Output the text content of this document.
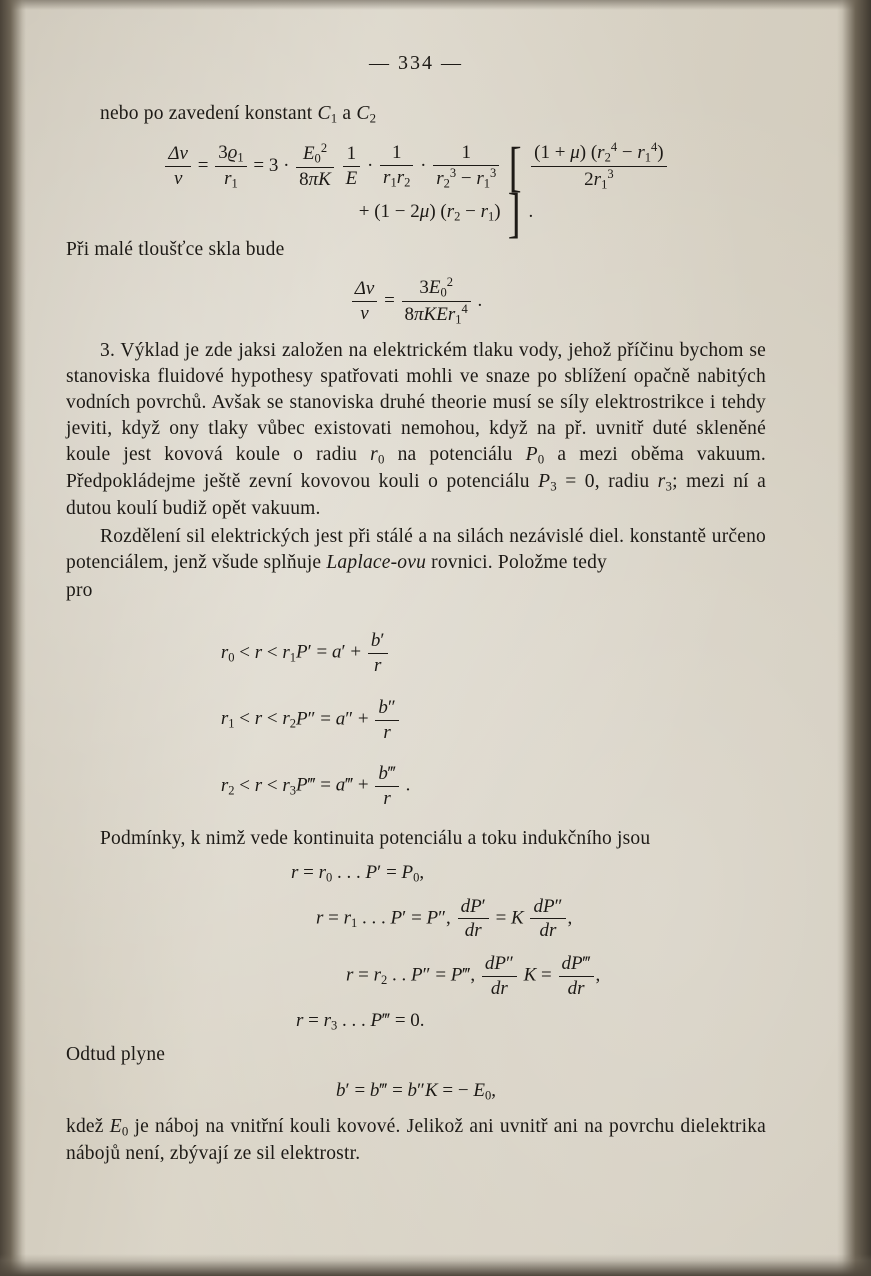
— 334 —

nebo po zavedení konstant $C_1$ a $C_2$

$\frac{\Delta v}{v} = \frac{3ϱ_1}{r_1} = 3 \cdot \frac{E_0^2}{8\pi K}$
$\frac{1}{E} \cdot \frac{1}{r_1r_2} \cdot \frac{1}{r_2^3 - r_1^3}$ [ $\frac{(1 + \mu) (r_2^4 - r_1^4)}{2r_1^3}$
+ (1 − 2μ) $(r_2 - r_1)$ ] .

Při malé tloušťce skla bude

$\frac{\Delta v}{v} = \frac{3E_0^2}{8\pi KEr_1^4}$ .

3. Výklad je zde jaksi založen na elektrickém tlaku vody, jehož příčinu bychom se stanoviska fluidové hypothesy spatřovati mohli ve snaze po sblížení opačně nabitých vodních povrchů. Avšak se stanoviska druhé theorie musí se síly elektrostrikce i tehdy jeviti, když ony tlaky vůbec existovati nemohou, když na př. uvnitř duté skleněné koule jest kovová koule o radiu $r_0$ na potenciálu $P_0$ a mezi oběma vakuum. Předpokládejme ještě zevní kovovou kouli o potenciálu $P_3 = 0$, radiu $r_3$; mezi ní a dutou koulí budiž opět vakuum.

Rozdělení sil elektrických jest při stálé a na silách nezávislé diel. konstantě určeno potenciálem, jenž všude splňuje Laplace-ovu rovnici. Položme tedy

pro

$r_0 < r < r_1$	$P' = a' + \frac{b'}{r}$

$r_1 < r < r_2$	$P'' = a'' + \frac{b''}{r}$

$r_2 < r < r_3$	P‴ = a‴ + $\frac{b‴}{r}$ .

Podmínky, k nimž vede kontinuita potenciálu a toku indukčního jsou

$r = r_0$ . . . $P' = P_0$,
$r = r_1$ . . . P′ = P″, $\frac{dP'}{dr} = K \frac{dP''}{dr}$ ,
$r = r_2$ . . P″ = P‴, $\frac{dP''}{dr}$ $K = \frac{dP‴}{dr}$ ,
$r = r_3$ . . . P‴ = 0.

Odtud plyne

b′ = b‴ = b″K = − $E_0$,

kdež $E_0$ je náboj na vnitřní kouli kovové. Jelikož ani uvnitř ani na povrchu dielektrika nábojů není, zbývají ze sil elektrostr.
